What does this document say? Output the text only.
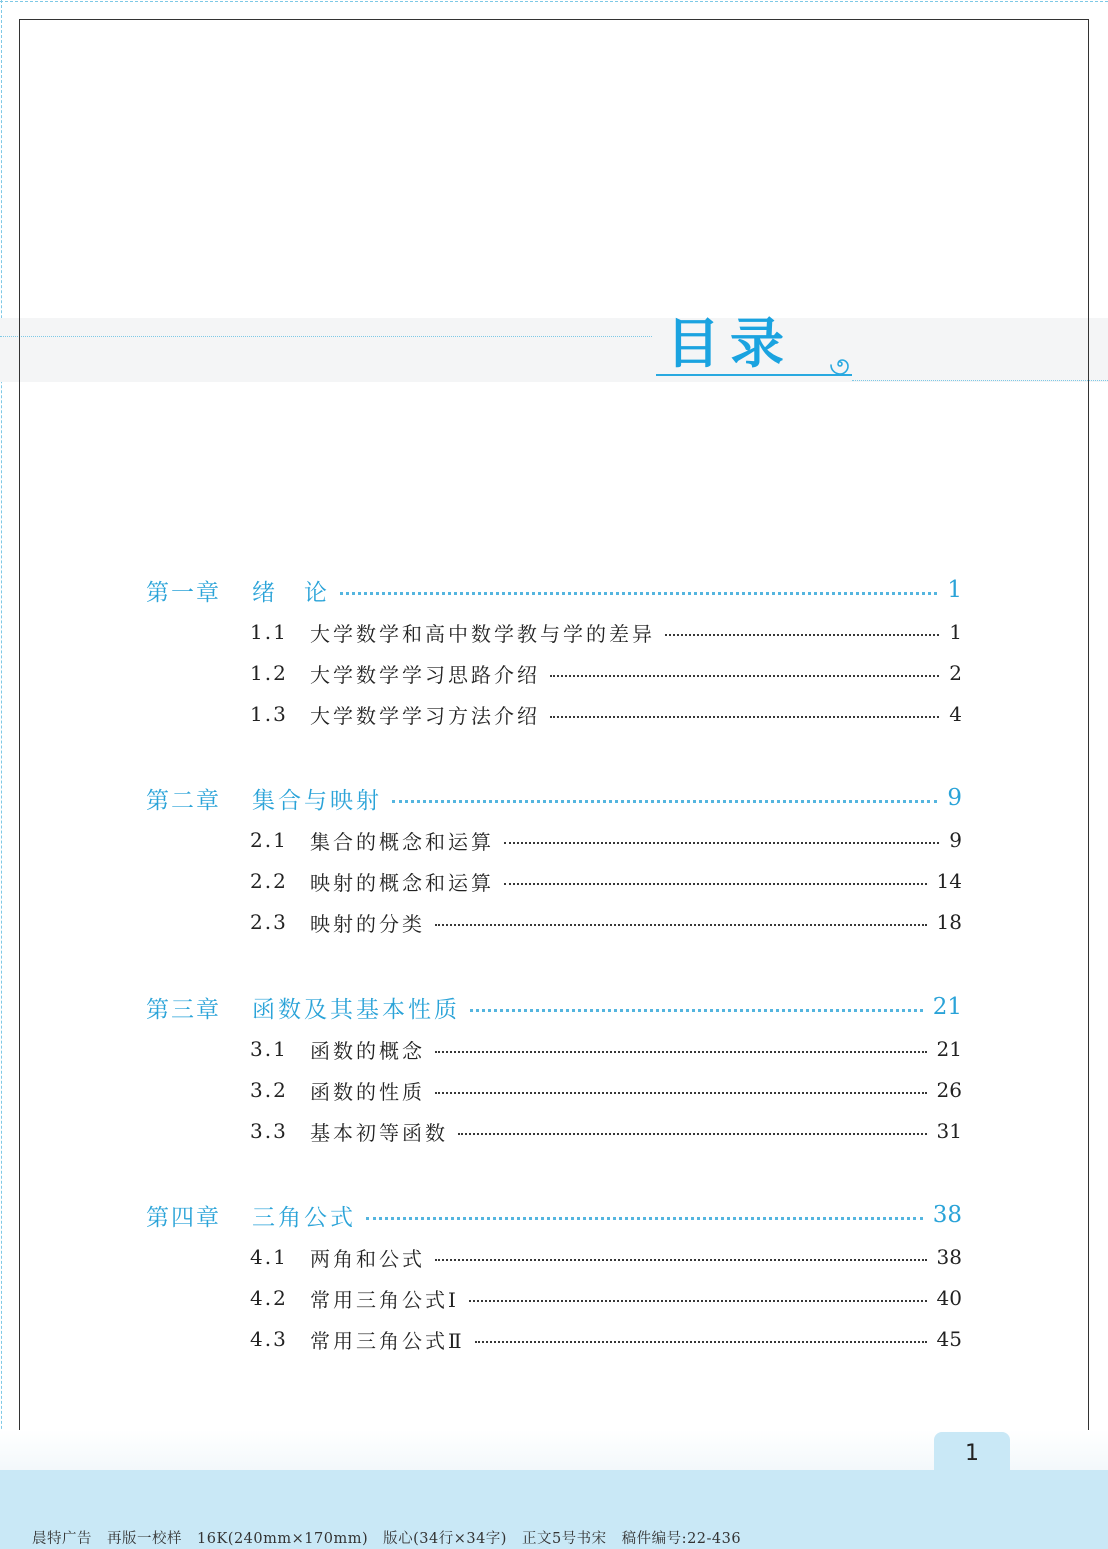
目录
第一章	绪　论	1
1.1	大学数学和高中数学教与学的差异	1
1.2	大学数学学习思路介绍	2
1.3	大学数学学习方法介绍	4
第二章	集合与映射	9
2.1	集合的概念和运算	9
2.2	映射的概念和运算	14
2.3	映射的分类	18
第三章	函数及其基本性质	21
3.1	函数的概念	21
3.2	函数的性质	26
3.3	基本初等函数	31
第四章	三角公式	38
4.1	两角和公式	38
4.2	常用三角公式Ⅰ	40
4.3	常用三角公式Ⅱ	45
1
晨特广告　再版一校样　16K(240mm×170mm)　版心(34行×34字)　正文5号书宋　稿件编号:22-436
